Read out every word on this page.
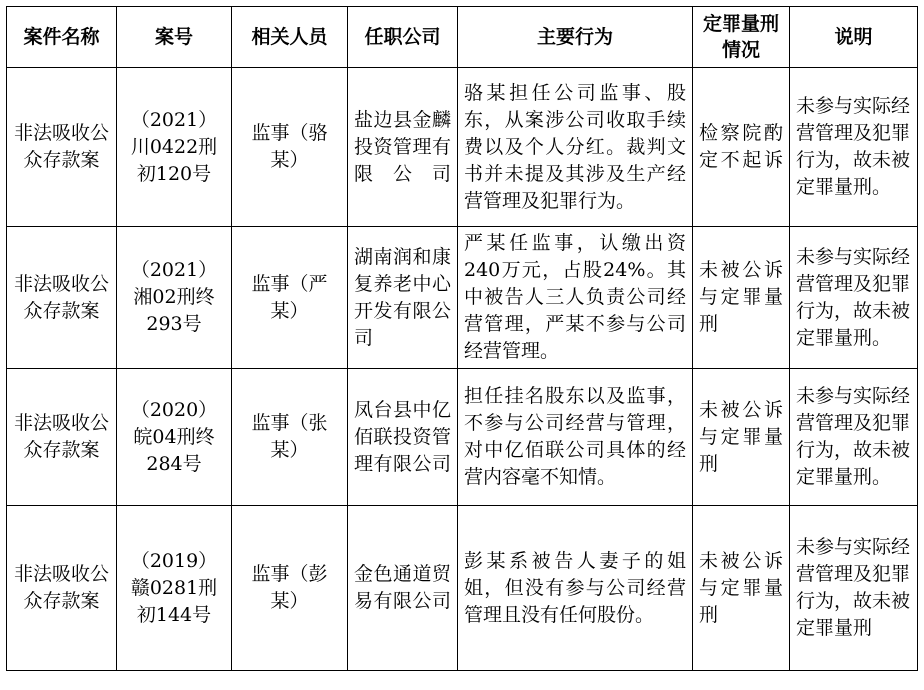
案件名称	案号	相关人员	任职公司	主要行为	定罪量刑情况	说明
非法吸收公众存款案	（2021）川0422刑初120号	监事（骆某）	盐边县金麟投资管理有限公司	骆某担任公司监事、股东，从案涉公司收取手续费以及个人分红。裁判文书并未提及其涉及生产经营管理及犯罪行为。	检察院酌定不起诉	未参与实际经营管理及犯罪行为，故未被定罪量刑。
非法吸收公众存款案	（2021）湘02刑终293号	监事（严某）	湖南润和康复养老中心开发有限公司	严某任监事，认缴出资240万元，占股24%。其中被告人三人负责公司经营管理，严某不参与公司经营管理。	未被公诉与定罪量刑	未参与实际经营管理及犯罪行为，故未被定罪量刑。
非法吸收公众存款案	（2020）皖04刑终284号	监事（张某）	凤台县中亿佰联投资管理有限公司	担任挂名股东以及监事，不参与公司经营与管理，对中亿佰联公司具体的经营内容毫不知情。	未被公诉与定罪量刑	未参与实际经营管理及犯罪行为，故未被定罪量刑。
非法吸收公众存款案	（2019）赣0281刑初144号	监事（彭某）	金色通道贸易有限公司	彭某系被告人妻子的姐姐，但没有参与公司经营管理且没有任何股份。	未被公诉与定罪量刑	未参与实际经营管理及犯罪行为，故未被定罪量刑
